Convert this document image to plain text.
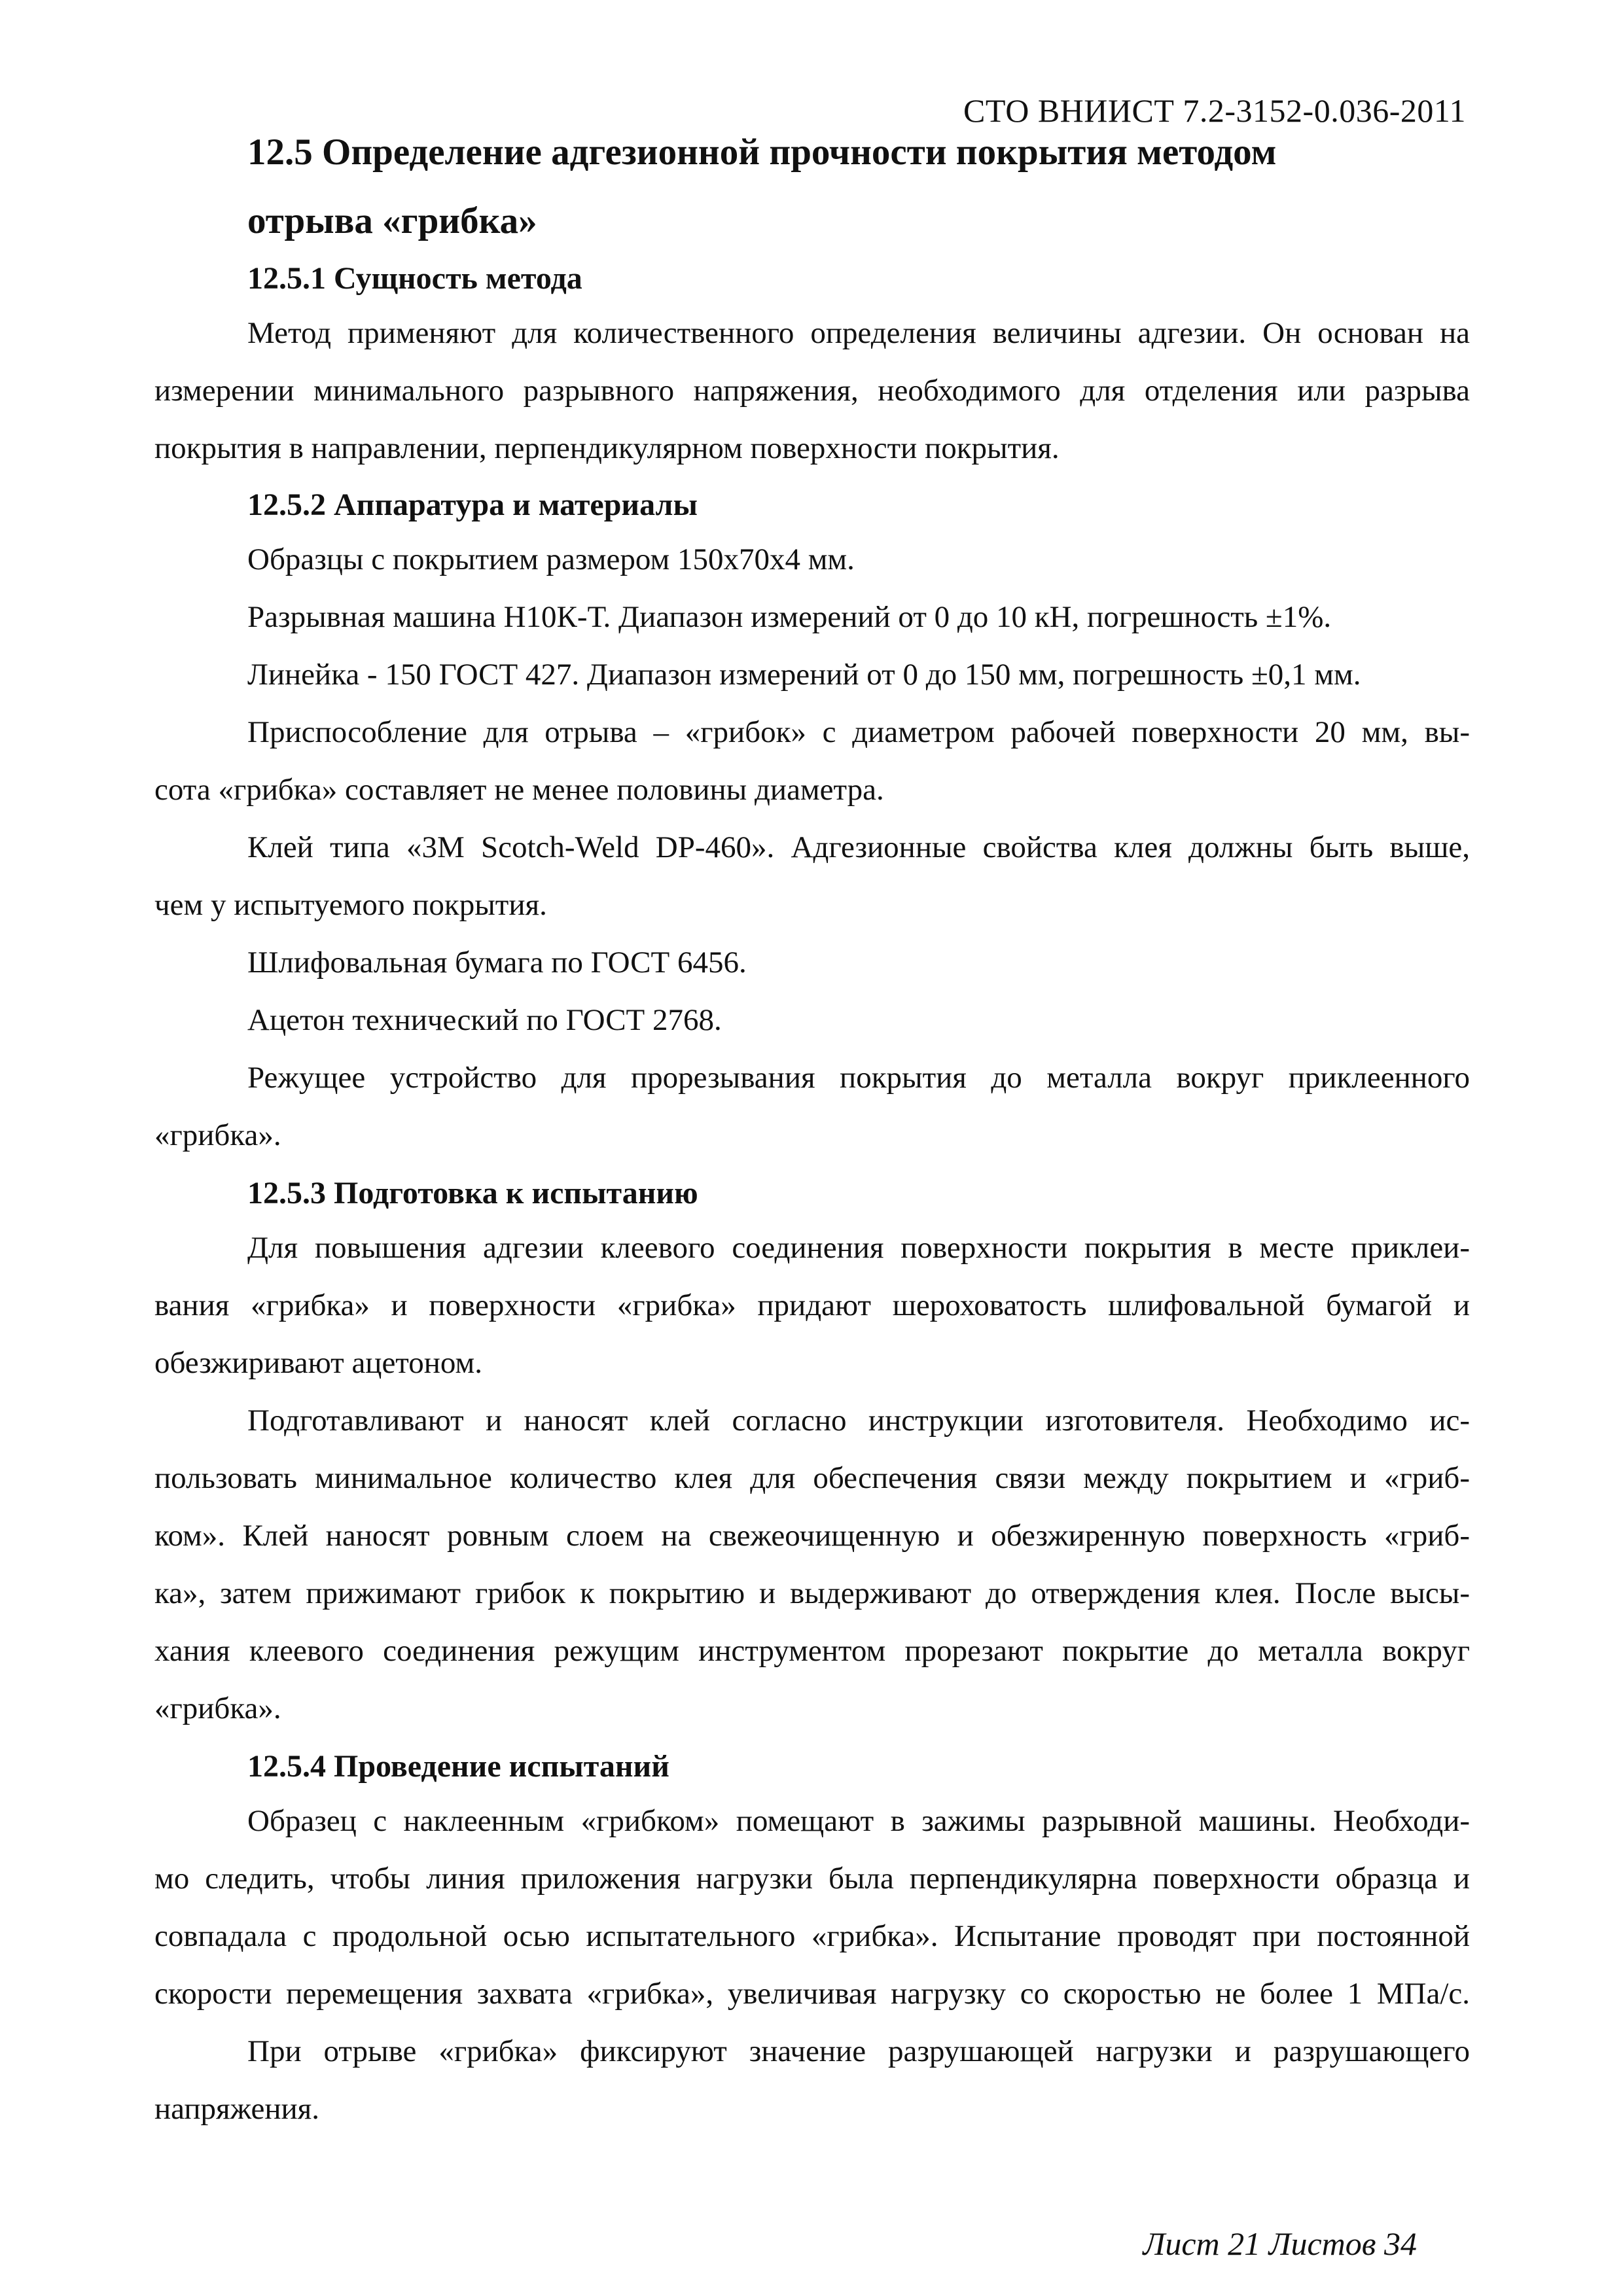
СТО ВНИИСТ 7.2-3152-0.036-2011
12.5 Определение адгезионной прочности покрытия методом
отрыва «грибка»
12.5.1 Сущность метода
Метод применяют для количественного определения величины адгезии. Он основан на
измерении минимального разрывного напряжения, необходимого для отделения или разрыва
покрытия в направлении, перпендикулярном поверхности покрытия.
12.5.2 Аппаратура и материалы
Образцы с покрытием размером 150х70х4 мм.
Разрывная машина Н10К-Т. Диапазон измерений от 0 до 10 кН, погрешность ±1%.
Линейка - 150 ГОСТ 427. Диапазон измерений от 0 до 150 мм, погрешность ±0,1 мм.
Приспособление для отрыва – «грибок» с диаметром рабочей поверхности 20 мм, вы-
сота «грибка» составляет не менее половины диаметра.
Клей типа «3M Scotch-Weld DP-460». Адгезионные свойства клея должны быть выше,
чем у испытуемого покрытия.
Шлифовальная бумага по ГОСТ 6456.
Ацетон технический по ГОСТ 2768.
Режущее устройство для прорезывания покрытия до металла вокруг приклеенного
«грибка».
12.5.3 Подготовка к испытанию
Для повышения адгезии клеевого соединения поверхности покрытия в месте приклеи-
вания «грибка» и поверхности «грибка» придают шероховатость шлифовальной бумагой и
обезжиривают ацетоном.
Подготавливают и наносят клей согласно инструкции изготовителя. Необходимо ис-
пользовать минимальное количество клея для обеспечения связи между покрытием и «гриб-
ком». Клей наносят ровным слоем на свежеочищенную и обезжиренную поверхность «гриб-
ка», затем прижимают грибок к покрытию и выдерживают до отверждения клея. После высы-
хания клеевого соединения режущим инструментом прорезают покрытие до металла вокруг
«грибка».
12.5.4 Проведение испытаний
Образец с наклеенным «грибком» помещают в зажимы разрывной машины. Необходи-
мо следить, чтобы линия приложения нагрузки была перпендикулярна поверхности образца и
совпадала с продольной осью испытательного «грибка». Испытание проводят при постоянной
скорости перемещения захвата «грибка», увеличивая нагрузку со скоростью не более 1 МПа/с.
При отрыве «грибка» фиксируют значение разрушающей нагрузки и разрушающего
напряжения.
Лист 21 Листов 34
